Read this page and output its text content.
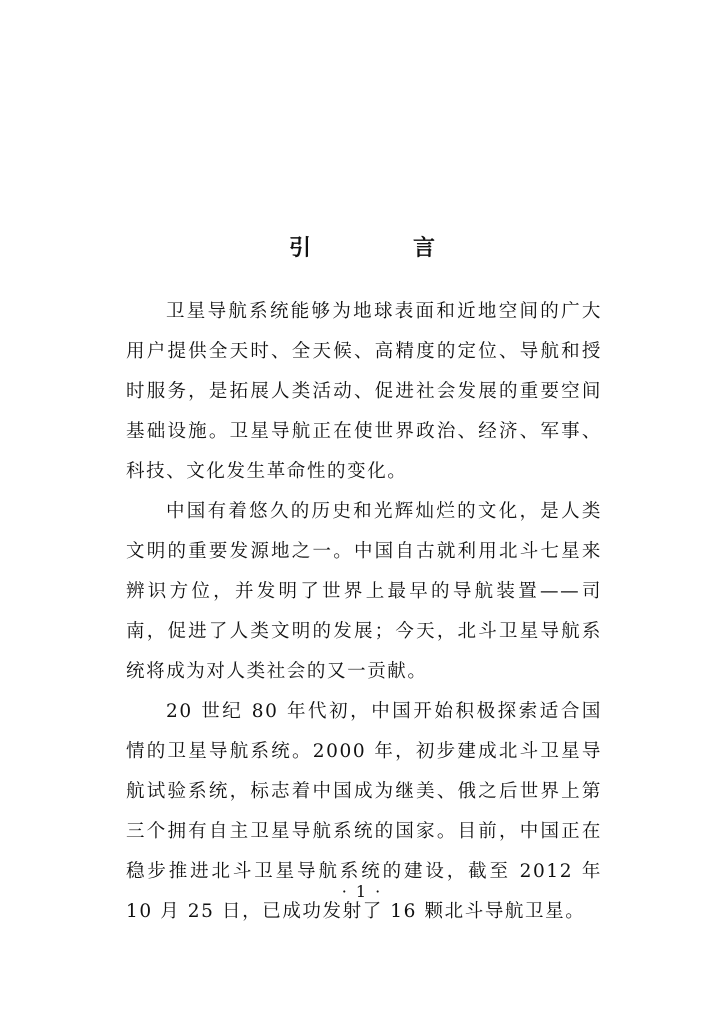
引　言

卫星导航系统能够为地球表面和近地空间的广大用户提供全天时、全天候、高精度的定位、导航和授时服务，是拓展人类活动、促进社会发展的重要空间基础设施。卫星导航正在使世界政治、经济、军事、科技、文化发生革命性的变化。

中国有着悠久的历史和光辉灿烂的文化，是人类文明的重要发源地之一。中国自古就利用北斗七星来辨识方位，并发明了世界上最早的导航装置——司南，促进了人类文明的发展；今天，北斗卫星导航系统将成为对人类社会的又一贡献。

20 世纪 80 年代初，中国开始积极探索适合国情的卫星导航系统。2000 年，初步建成北斗卫星导航试验系统，标志着中国成为继美、俄之后世界上第三个拥有自主卫星导航系统的国家。目前，中国正在稳步推进北斗卫星导航系统的建设，截至 2012 年 10 月 25 日，已成功发射了 16 颗北斗导航卫星。

· 1 ·
